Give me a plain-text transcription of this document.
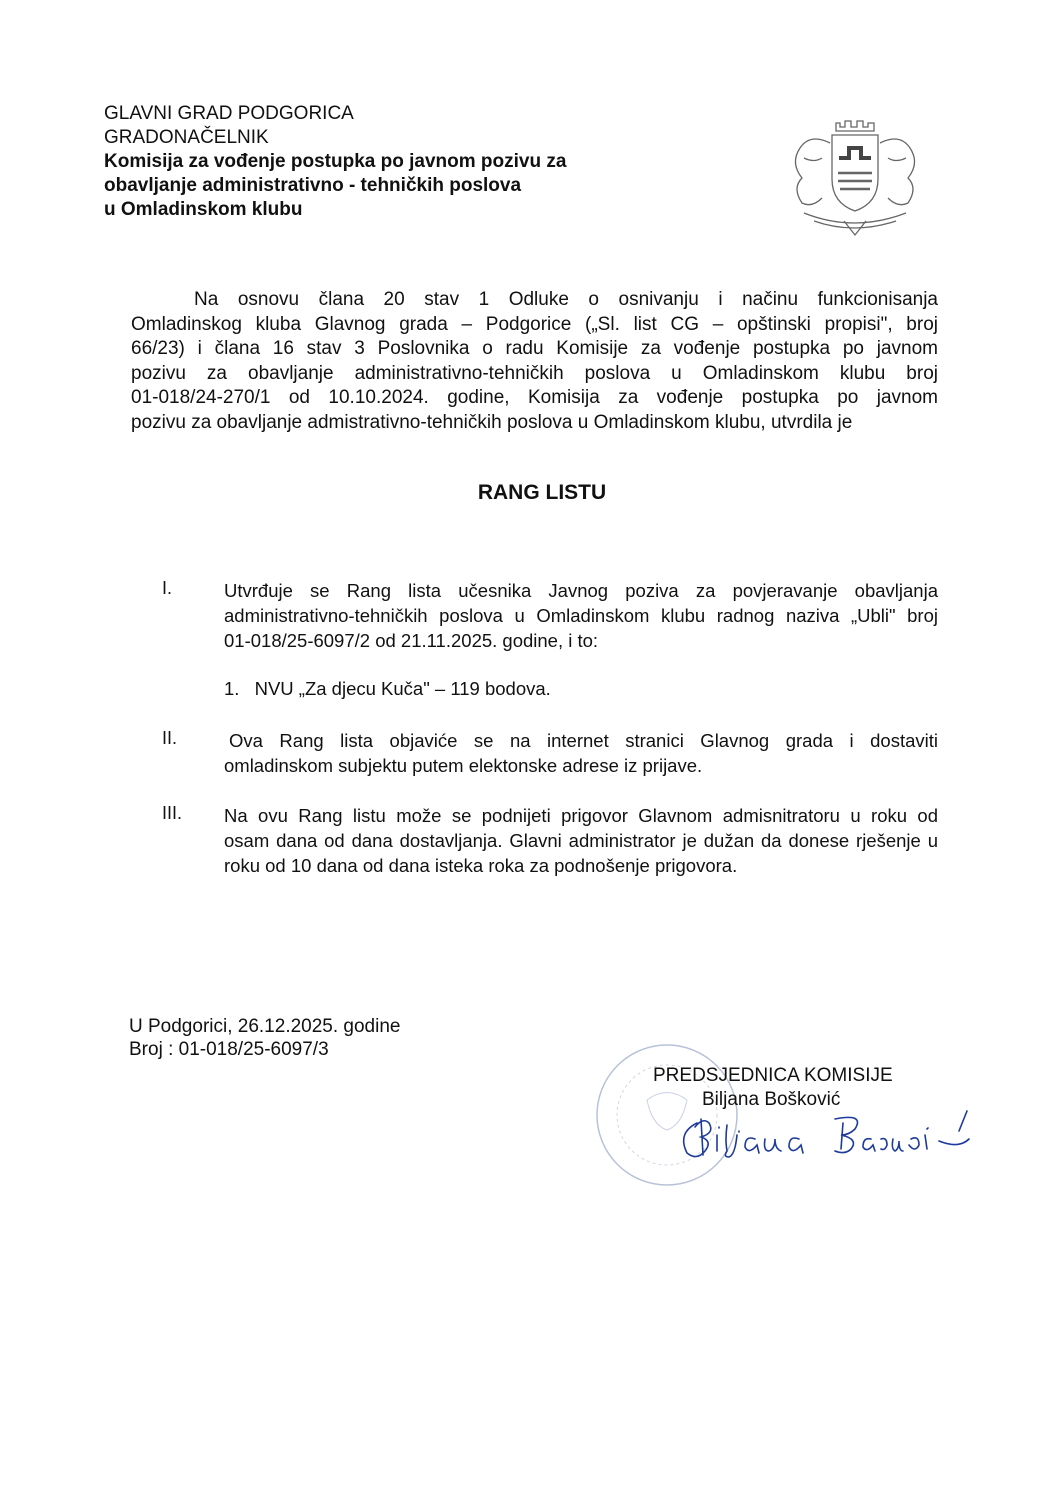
GLAVNI GRAD PODGORICA
GRADONAČELNIK
Komisija za vođenje postupka po javnom pozivu za
obavljanje administrativno - tehničkih poslova
u Omladinskom klubu
Na osnovu člana 20 stav 1 Odluke o osnivanju i načinu funkcionisanja
Omladinskog kluba Glavnog grada – Podgorice („Sl. list CG – opštinski propisi", broj
66/23) i člana 16 stav 3 Poslovnika o radu Komisije za vođenje postupka po javnom
pozivu za obavljanje administrativno-tehničkih poslova u Omladinskom klubu broj
01-018/24-270/1 od 10.10.2024. godine, Komisija za vođenje postupka po javnom
pozivu za obavljanje admistrativno-tehničkih poslova u Omladinskom klubu, utvrdila je
RANG LISTU
I.	Utvrđuje se Rang lista učesnika Javnog poziva za povjeravanje obavljanja
administrativno-tehničkih poslova u Omladinskom klubu radnog naziva „Ubli" broj
01-018/25-6097/2 od 21.11.2025. godine, i to:
1. NVU „Za djecu Kuča" – 119 bodova.
II.	Ova Rang lista objaviće se na internet stranici Glavnog grada i dostaviti
omladinskom subjektu putem elektonske adrese iz prijave.
III. Na ovu Rang listu može se podnijeti prigovor Glavnom admisnitratoru u roku od
osam dana od dana dostavljanja. Glavni administrator je dužan da donese rješenje u
roku od 10 dana od dana isteka roka za podnošenje prigovora.
U Podgorici, 26.12.2025. godine
Broj : 01-018/25-6097/3
PREDSJEDNICA KOMISIJE
Biljana Bošković
